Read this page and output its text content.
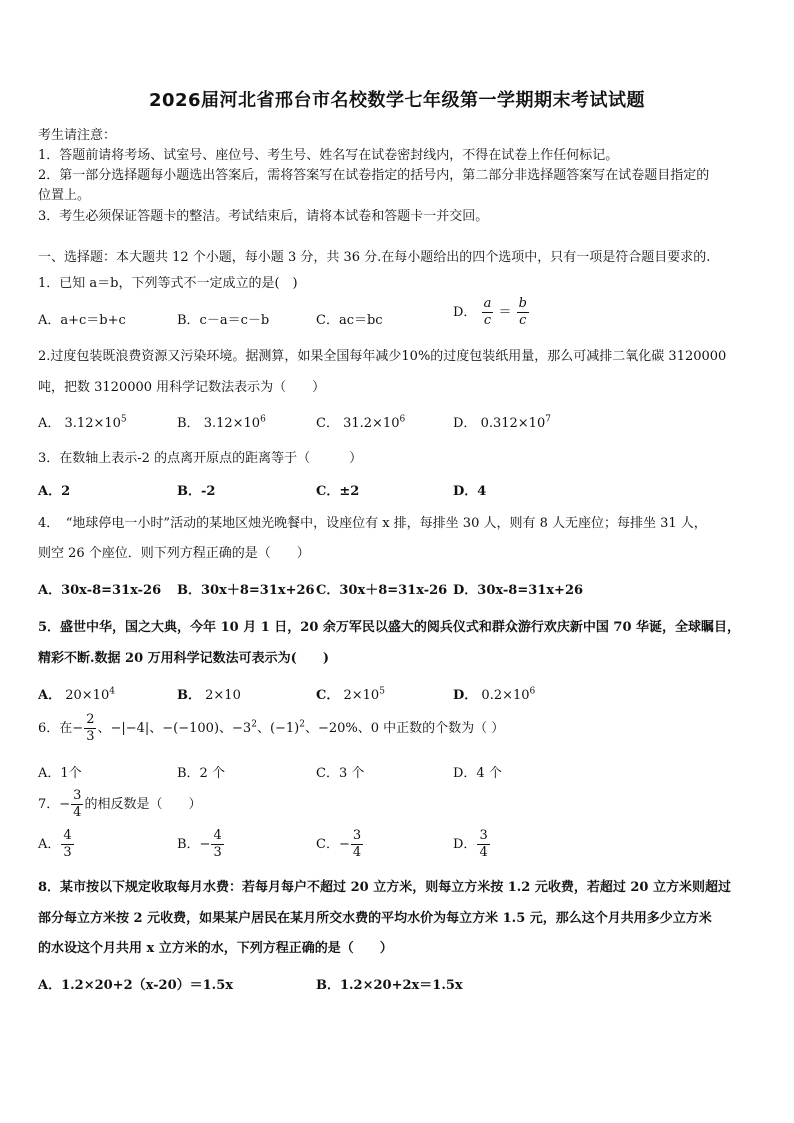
2026届河北省邢台市名校数学七年级第一学期期末考试试题
考生请注意：
1．答题前请将考场、试室号、座位号、考生号、姓名写在试卷密封线内，不得在试卷上作任何标记。
2．第一部分选择题每小题选出答案后，需将答案写在试卷指定的括号内，第二部分非选择题答案写在试卷题目指定的
位置上。
3．考生必须保证答题卡的整洁。考试结束后，请将本试卷和答题卡一并交回。
一、选择题：本大题共 12 个小题，每小题 3 分，共 36 分.在每小题给出的四个选项中，只有一项是符合题目要求的.
1．已知 a＝b，下列等式不一定成立的是(　)
A．a+c＝b+c	B．c－a＝c－b	C．ac＝bc
D． $\frac{a}{c} = \frac{b}{c}$
2.过度包装既浪费资源又污染环境。据测算，如果全国每年减少10%的过度包装纸用量，那么可减排二氧化碳 3120000
吨，把数 3120000 用科学记数法表示为（　　）
A． $3.12\times 10^5$	B． $3.12\times 10^6$	C． $31.2\times 10^6$	D． $0.312\times 10^7$
3．在数轴上表示-2 的点离开原点的距离等于（　　　）
A．2	B．-2	C．±2	D．4
4．　“地球停电一小时”活动的某地区烛光晚餐中，设座位有 x 排，每排坐 30 人，则有 8 人无座位；每排坐 31 人，
则空 26 个座位．则下列方程正确的是（　　）
A．30x-8=31x-26 B．30x＋8=31x+26 C．30x＋8=31x-26 D．30x-8=31x+26
5．盛世中华，国之大典，今年 10 月 1 日，20 余万军民以盛大的阅兵仪式和群众游行欢庆新中国 70 华诞，全球瞩目，
精彩不断.数据 20 万用科学记数法可表示为(　　)
A． $20\times 10^4$	B． 2×10	C． $2\times 10^5$	D． $0.2\times 10^6$
6．在− $\frac{2}{3}$ 、−|−4|、−(−100)、$-3^2$、$(-1)^2$、−20%、0 中正数的个数为（ ）
A．1个	B．2 个	C．3 个	D．4 个
7．− $\frac{3}{4}$ 的相反数是（　　）
A． $\frac{4}{3}$	B．− $\frac{4}{3}$	C．− $\frac{3}{4}$	D． $\frac{3}{4}$
8．某市按以下规定收取每月水费：若每月每户不超过 20 立方米，则每立方米按 1.2 元收费，若超过 20 立方米则超过
部分每立方米按 2 元收费，如果某户居民在某月所交水费的平均水价为每立方米 1.5 元，那么这个月共用多少立方米
的水设这个月共用 x 立方米的水，下列方程正确的是（　　）
A．1.2×20+2（x-20）＝1.5x	B．1.2×20+2x＝1.5x
